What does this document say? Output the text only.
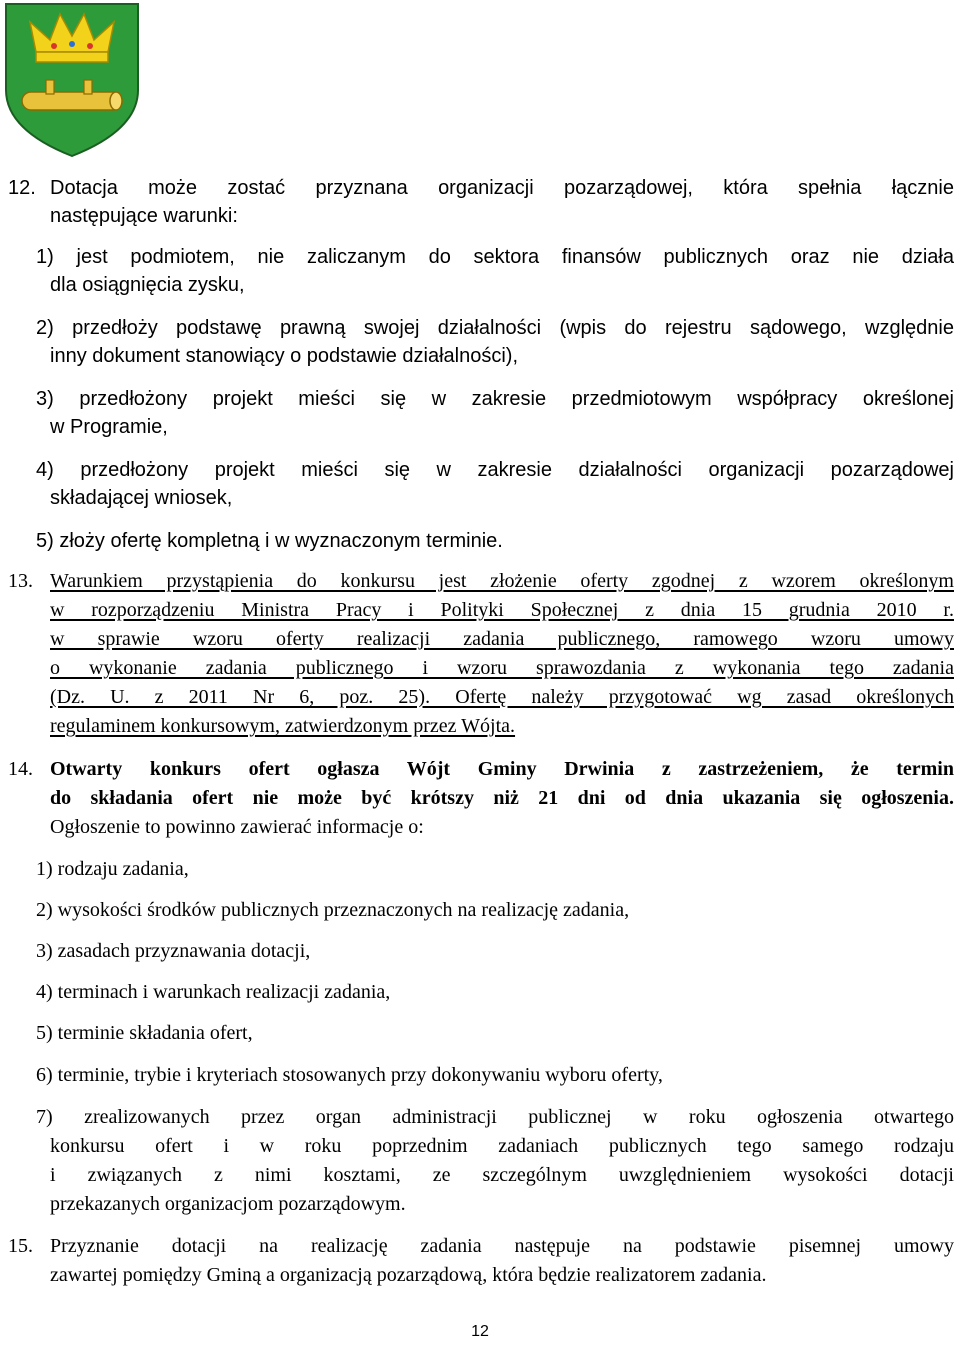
12. Dotacja może zostać przyznana organizacji pozarządowej, która spełnia łącznie
następujące warunki:
1) jest podmiotem, nie zaliczanym do sektora finansów publicznych oraz nie działa
dla osiągnięcia zysku,
2) przedłoży podstawę prawną swojej działalności (wpis do rejestru sądowego, względnie
inny dokument stanowiący o podstawie działalności),
3) przedłożony projekt mieści się w zakresie przedmiotowym współpracy określonej
w Programie,
4) przedłożony projekt mieści się w zakresie działalności organizacji pozarządowej
składającej wniosek,
5) złoży ofertę kompletną i w wyznaczonym terminie.
13. Warunkiem przystąpienia do konkursu jest złożenie oferty zgodnej z wzorem określonym
w rozporządzeniu Ministra Pracy i Polityki Społecznej z dnia 15 grudnia 2010 r.
w sprawie wzoru oferty realizacji zadania publicznego, ramowego wzoru umowy
o wykonanie zadania publicznego i wzoru sprawozdania z wykonania tego zadania
(Dz. U. z 2011 Nr 6, poz. 25). Ofertę należy przygotować wg zasad określonych
regulaminem konkursowym, zatwierdzonym przez Wójta.
14. Otwarty konkurs ofert ogłasza Wójt Gminy Drwinia z zastrzeżeniem, że termin
do składania ofert nie może być krótszy niż 21 dni od dnia ukazania się ogłoszenia.
Ogłoszenie to powinno zawierać informacje o:
1) rodzaju zadania,
2) wysokości środków publicznych przeznaczonych na realizację zadania,
3) zasadach przyznawania dotacji,
4) terminach i warunkach realizacji zadania,
5) terminie składania ofert,
6) terminie, trybie i kryteriach stosowanych przy dokonywaniu wyboru oferty,
7) zrealizowanych przez organ administracji publicznej w roku ogłoszenia otwartego
konkursu ofert i w roku poprzednim zadaniach publicznych tego samego rodzaju
i związanych z nimi kosztami, ze szczególnym uwzględnieniem wysokości dotacji
przekazanych organizacjom pozarządowym.
15. Przyznanie dotacji na realizację zadania następuje na podstawie pisemnej umowy
zawartej pomiędzy Gminą a organizacją pozarządową, która będzie realizatorem zadania.
12
